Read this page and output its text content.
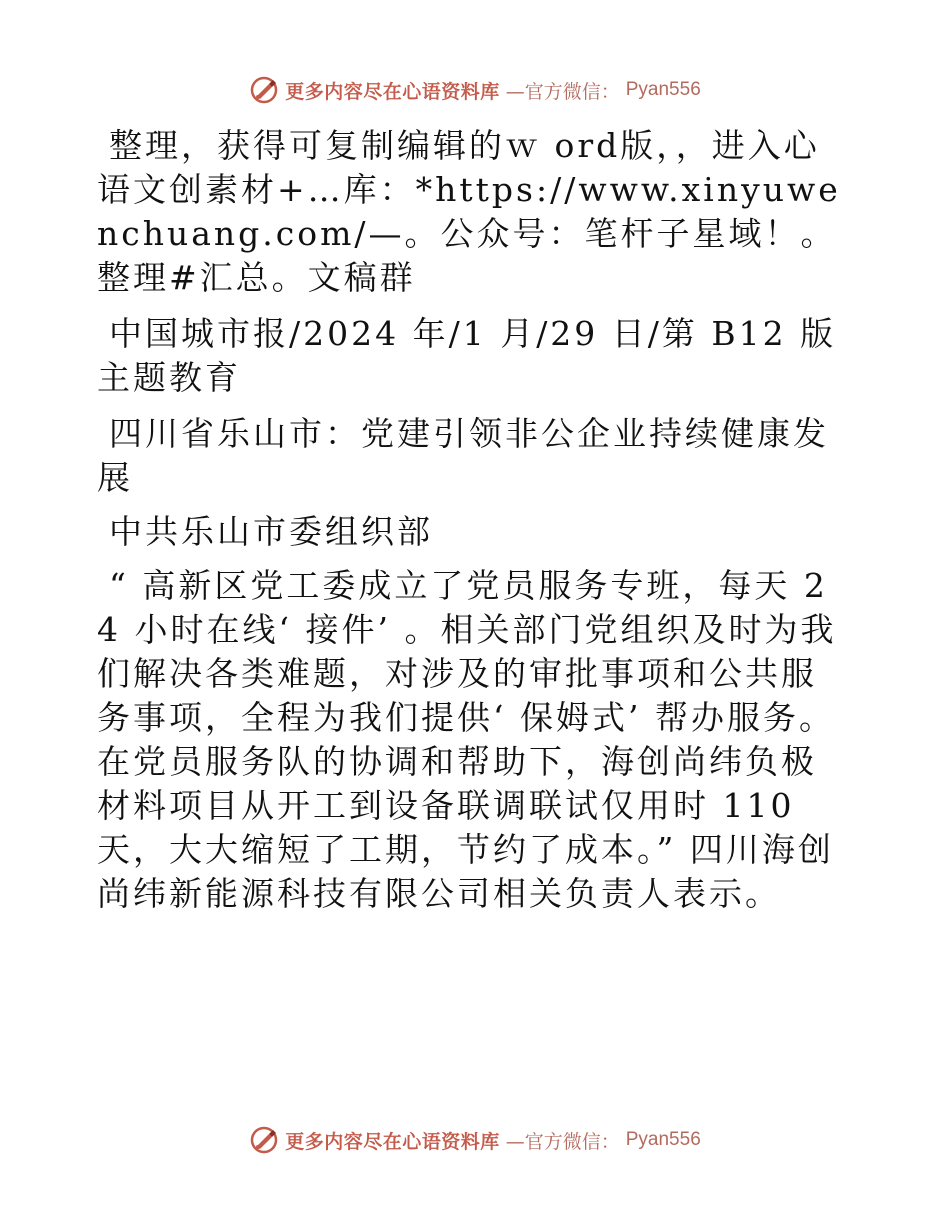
更多内容尽在心语资料库 —官方微信： Pyan556

整理，获得可复制编辑的ｗ ord版，，进入心语文创素材+…库：*https://www.xinyuwenchuang.com/—。公众号：笔杆子星域！。整理#汇总。文稿群

中国城市报/2024 年/1 月/29 日/第 B12 版主题教育

四川省乐山市：党建引领非公企业持续健康发展

中共乐山市委组织部

“ 高新区党工委成立了党员服务专班，每天 24 小时在线‘ 接件’ 。相关部门党组织及时为我们解决各类难题，对涉及的审批事项和公共服务事项，全程为我们提供‘ 保姆式’ 帮办服务。在党员服务队的协调和帮助下，海创尚纬负极材料项目从开工到设备联调联试仅用时 110 天，大大缩短了工期，节约了成本。” 四川海创尚纬新能源科技有限公司相关负责人表示。

更多内容尽在心语资料库 —官方微信： Pyan556
